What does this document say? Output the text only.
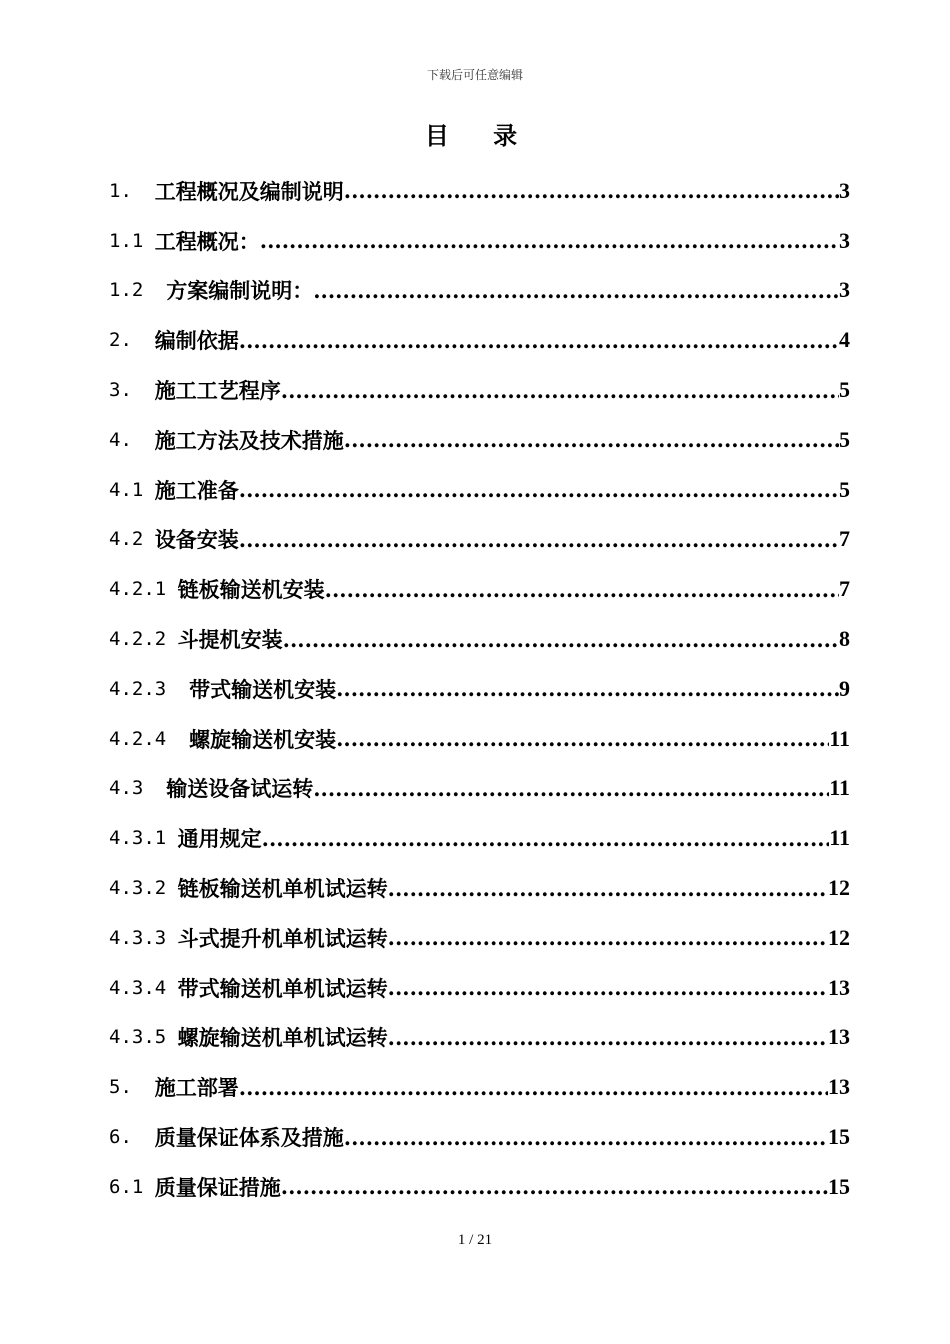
下载后可任意编辑
目 录
1. 工程概况及编制说明 .....	3
1.1 工程概况： .....	3
1.2 方案编制说明： .....	3
2. 编制依据 .....	4
3. 施工工艺程序 .....	5
4. 施工方法及技术措施 .....	5
4.1 施工准备 .....	5
4.2 设备安装 .....	7
4.2.1 链板输送机安装 .....	7
4.2.2 斗提机安装 .....	8
4.2.3 带式输送机安装 .....	9
4.2.4 螺旋输送机安装 .....	11
4.3 输送设备试运转 .....	11
4.3.1 通用规定 .....	11
4.3.2 链板输送机单机试运转 .....	12
4.3.3 斗式提升机单机试运转 .....	12
4.3.4 带式输送机单机试运转 .....	13
4.3.5 螺旋输送机单机试运转 .....	13
5. 施工部署 .....	13
6. 质量保证体系及措施 .....	15
6.1 质量保证措施 .....	15
1 / 21
